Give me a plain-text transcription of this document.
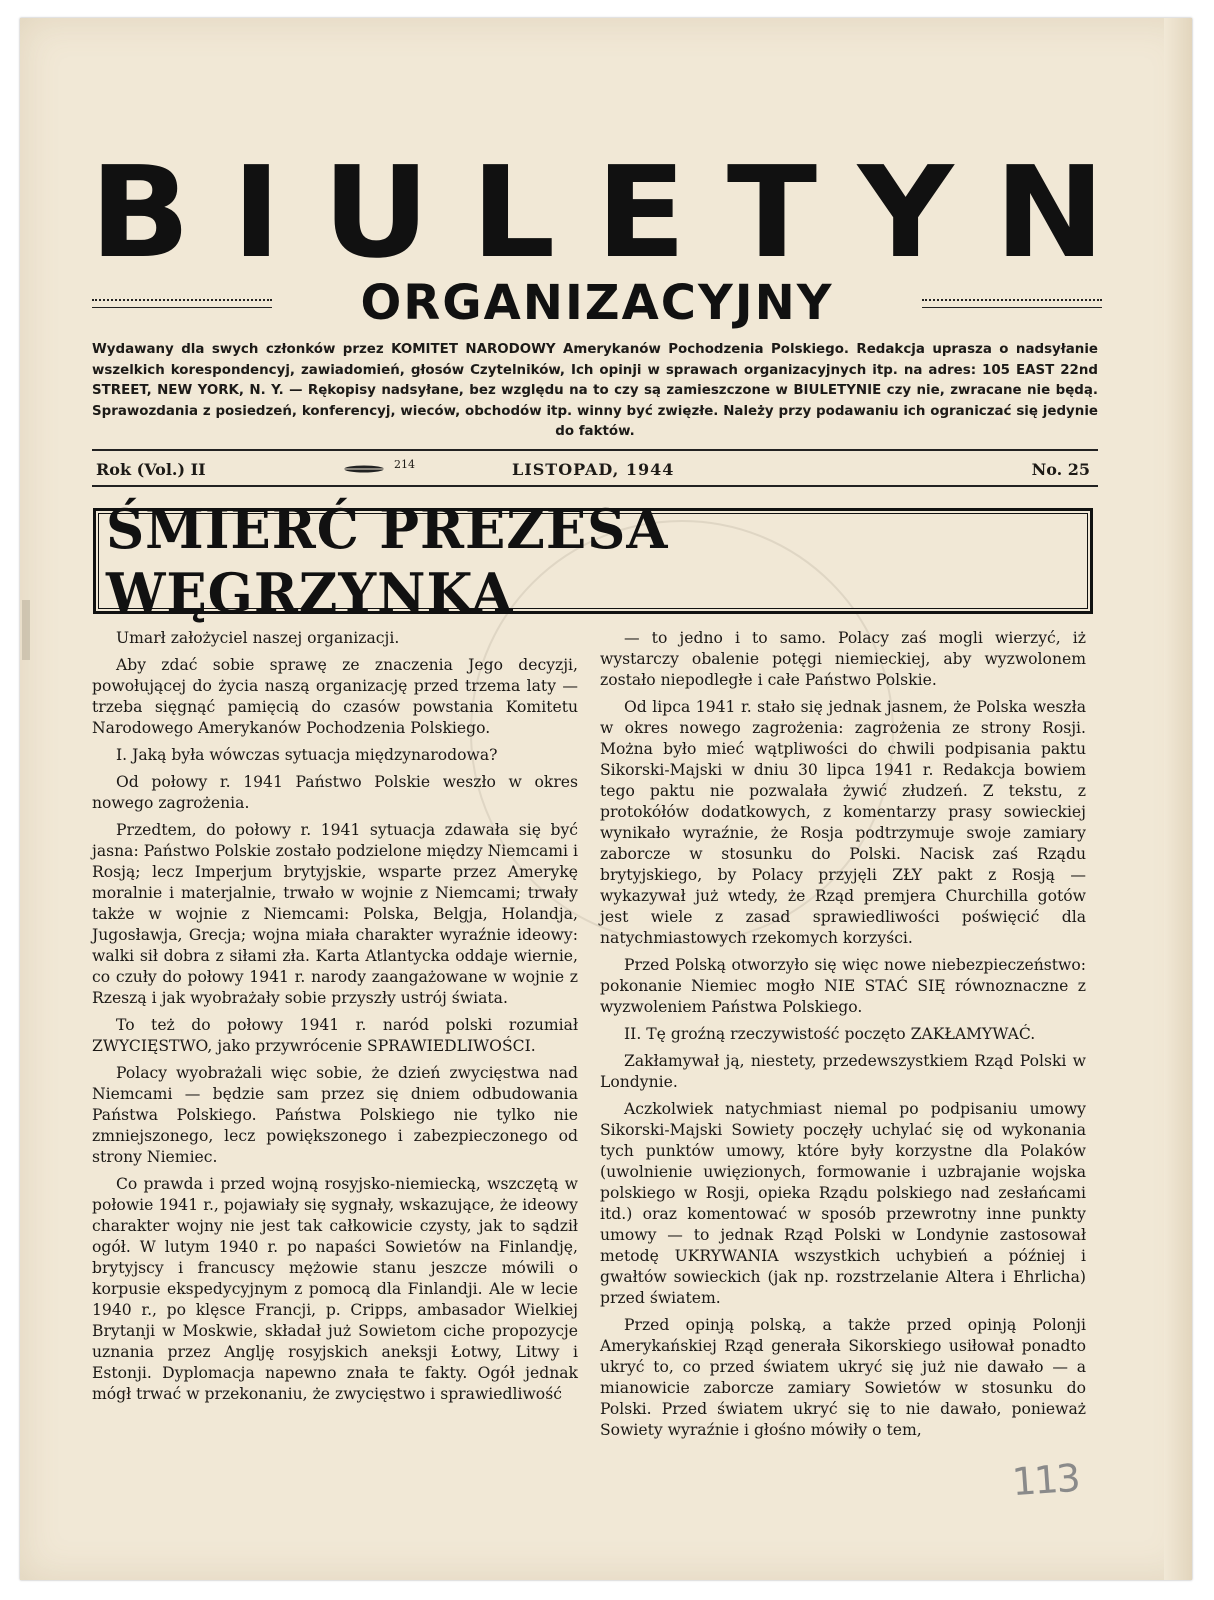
B I U L E T Y N
ORGANIZACYJNY
Wydawany dla swych członków przez KOMITET NARODOWY Amerykanów Pochodzenia Polskiego. Redakcja uprasza o nadsyłanie wszelkich korespondencyj, zawiadomień, głosów Czytelników, Ich opinji w sprawach organizacyjnych itp. na adres: 105 EAST 22nd STREET, NEW YORK, N. Y. — Rękopisy nadsyłane, bez względu na to czy są zamieszczone w BIULETYNIE czy nie, zwracane nie będą. Sprawozdania z posiedzeń, konferencyj, wieców, obchodów itp. winny być zwięzłe. Należy przy podawaniu ich ograniczać się jedynie do faktów.
Rok (Vol.) II	214	LISTOPAD, 1944	No. 25
ŚMIERĆ PREZESA WĘGRZYNKA

Umarł założyciel naszej organizacji.

Aby zdać sobie sprawę ze znaczenia Jego decyzji, powołującej do życia naszą organizację przed trzema laty — trzeba sięgnąć pamięcią do czasów powstania Komitetu Narodowego Amerykanów Pochodzenia Polskiego.

I. Jaką była wówczas sytuacja międzynarodowa?

Od połowy r. 1941 Państwo Polskie weszło w okres nowego zagrożenia.

Przedtem, do połowy r. 1941 sytuacja zdawała się być jasna: Państwo Polskie zostało podzielone między Niemcami i Rosją; lecz Imperjum brytyjskie, wsparte przez Amerykę moralnie i materjalnie, trwało w wojnie z Niemcami; trwały także w wojnie z Niemcami: Polska, Belgja, Holandja, Jugosławja, Grecja; wojna miała charakter wyraźnie ideowy: walki sił dobra z siłami zła. Karta Atlantycka oddaje wiernie, co czuły do połowy 1941 r. narody zaangażowane w wojnie z Rzeszą i jak wyobrażały sobie przyszły ustrój świata.

To też do połowy 1941 r. naród polski rozumiał ZWYCIĘSTWO, jako przywrócenie SPRAWIEDLIWOŚCI.

Polacy wyobrażali więc sobie, że dzień zwycięstwa nad Niemcami — będzie sam przez się dniem odbudowania Państwa Polskiego. Państwa Polskiego nie tylko nie zmniejszonego, lecz powiększonego i zabezpieczonego od strony Niemiec.

Co prawda i przed wojną rosyjsko-niemiecką, wszczętą w połowie 1941 r., pojawiały się sygnały, wskazujące, że ideowy charakter wojny nie jest tak całkowicie czysty, jak to sądził ogół. W lutym 1940 r. po napaści Sowietów na Finlandję, brytyjscy i francuscy mężowie stanu jeszcze mówili o korpusie ekspedycyjnym z pomocą dla Finlandji. Ale w lecie 1940 r., po klęsce Francji, p. Cripps, ambasador Wielkiej Brytanji w Moskwie, składał już Sowietom ciche propozycje uznania przez Anglję rosyjskich aneksji Łotwy, Litwy i Estonji. Dyplomacja napewno znała te fakty. Ogół jednak mógł trwać w przekonaniu, że zwycięstwo i sprawiedliwość

— to jedno i to samo. Polacy zaś mogli wierzyć, iż wystarczy obalenie potęgi niemieckiej, aby wyzwolonem zostało niepodległe i całe Państwo Polskie.

Od lipca 1941 r. stało się jednak jasnem, że Polska weszła w okres nowego zagrożenia: zagrożenia ze strony Rosji. Można było mieć wątpliwości do chwili podpisania paktu Sikorski-Majski w dniu 30 lipca 1941 r. Redakcja bowiem tego paktu nie pozwalała żywić złudzeń. Z tekstu, z protokółów dodatkowych, z komentarzy prasy sowieckiej wynikało wyraźnie, że Rosja podtrzymuje swoje zamiary zaborcze w stosunku do Polski. Nacisk zaś Rządu brytyjskiego, by Polacy przyjęli ZŁY pakt z Rosją — wykazywał już wtedy, że Rząd premjera Churchilla gotów jest wiele z zasad sprawiedliwości poświęcić dla natychmiastowych rzekomych korzyści.

Przed Polską otworzyło się więc nowe niebezpieczeństwo: pokonanie Niemiec mogło NIE STAĆ SIĘ równoznaczne z wyzwoleniem Państwa Polskiego.

II. Tę groźną rzeczywistość poczęto ZAKŁAMYWAĆ.

Zakłamywał ją, niestety, przedewszystkiem Rząd Polski w Londynie.

Aczkolwiek natychmiast niemal po podpisaniu umowy Sikorski-Majski Sowiety poczęły uchylać się od wykonania tych punktów umowy, które były korzystne dla Polaków (uwolnienie uwięzionych, formowanie i uzbrajanie wojska polskiego w Rosji, opieka Rządu polskiego nad zesłańcami itd.) oraz komentować w sposób przewrotny inne punkty umowy — to jednak Rząd Polski w Londynie zastosował metodę UKRYWANIA wszystkich uchybień a później i gwałtów sowieckich (jak np. rozstrzelanie Altera i Ehrlicha) przed światem.

Przed opinją polską, a także przed opinją Polonji Amerykańskiej Rząd generała Sikorskiego usiłował ponadto ukryć to, co przed światem ukryć się już nie dawało — a mianowicie zaborcze zamiary Sowietów w stosunku do Polski. Przed światem ukryć się to nie dawało, ponieważ Sowiety wyraźnie i głośno mówiły o tem,

113
